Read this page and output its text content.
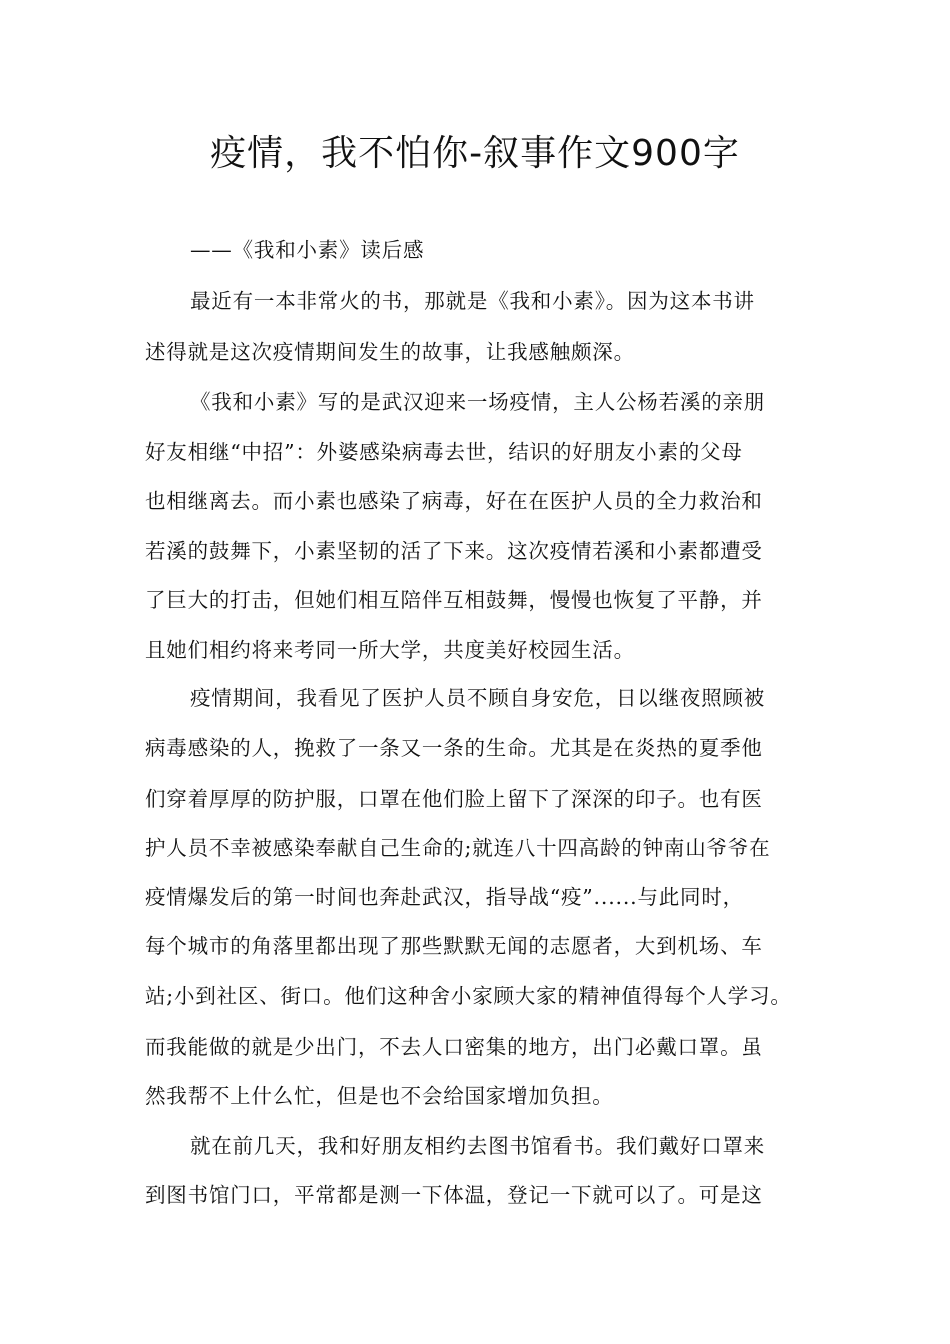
疫情，我不怕你-叙事作文900字
——《我和小素》读后感
最近有一本非常火的书，那就是《我和小素》。因为这本书讲
述得就是这次疫情期间发生的故事，让我感触颇深。
《我和小素》写的是武汉迎来一场疫情，主人公杨若溪的亲朋
好友相继“中招”：外婆感染病毒去世，结识的好朋友小素的父母
也相继离去。而小素也感染了病毒，好在在医护人员的全力救治和
若溪的鼓舞下，小素坚韧的活了下来。这次疫情若溪和小素都遭受
了巨大的打击，但她们相互陪伴互相鼓舞，慢慢也恢复了平静，并
且她们相约将来考同一所大学，共度美好校园生活。
疫情期间，我看见了医护人员不顾自身安危，日以继夜照顾被
病毒感染的人，挽救了一条又一条的生命。尤其是在炎热的夏季他
们穿着厚厚的防护服，口罩在他们脸上留下了深深的印子。也有医
护人员不幸被感染奉献自己生命的;就连八十四高龄的钟南山爷爷在
疫情爆发后的第一时间也奔赴武汉，指导战“疫”......与此同时，
每个城市的角落里都出现了那些默默无闻的志愿者，大到机场、车
站;小到社区、街口。他们这种舍小家顾大家的精神值得每个人学习。
而我能做的就是少出门，不去人口密集的地方，出门必戴口罩。虽
然我帮不上什么忙，但是也不会给国家增加负担。
就在前几天，我和好朋友相约去图书馆看书。我们戴好口罩来
到图书馆门口，平常都是测一下体温，登记一下就可以了。可是这
